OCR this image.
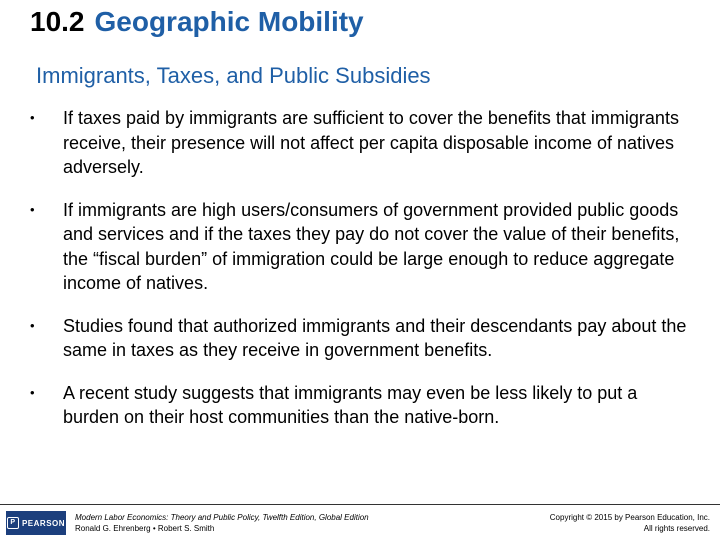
10.2 Geographic Mobility
Immigrants, Taxes, and Public Subsidies
• If taxes paid by immigrants are sufficient to cover the benefits that immigrants receive, their presence will not affect per capita disposable income of natives adversely.
• If immigrants are high users/consumers of government provided public goods and services and if the taxes they pay do not cover the value of their benefits, the “fiscal burden” of immigration could be large enough to reduce aggregate income of natives.
• Studies found that authorized immigrants and their descendants pay about the same in taxes as they receive in government benefits.
• A recent study suggests that immigrants may even be less likely to put a burden on their host communities than the native-born.
P PEARSON
Modern Labor Economics: Theory and Public Policy, Twelfth Edition, Global Edition
Ronald G. Ehrenberg • Robert S. Smith
Copyright © 2015 by Pearson Education, Inc.
All rights reserved.
